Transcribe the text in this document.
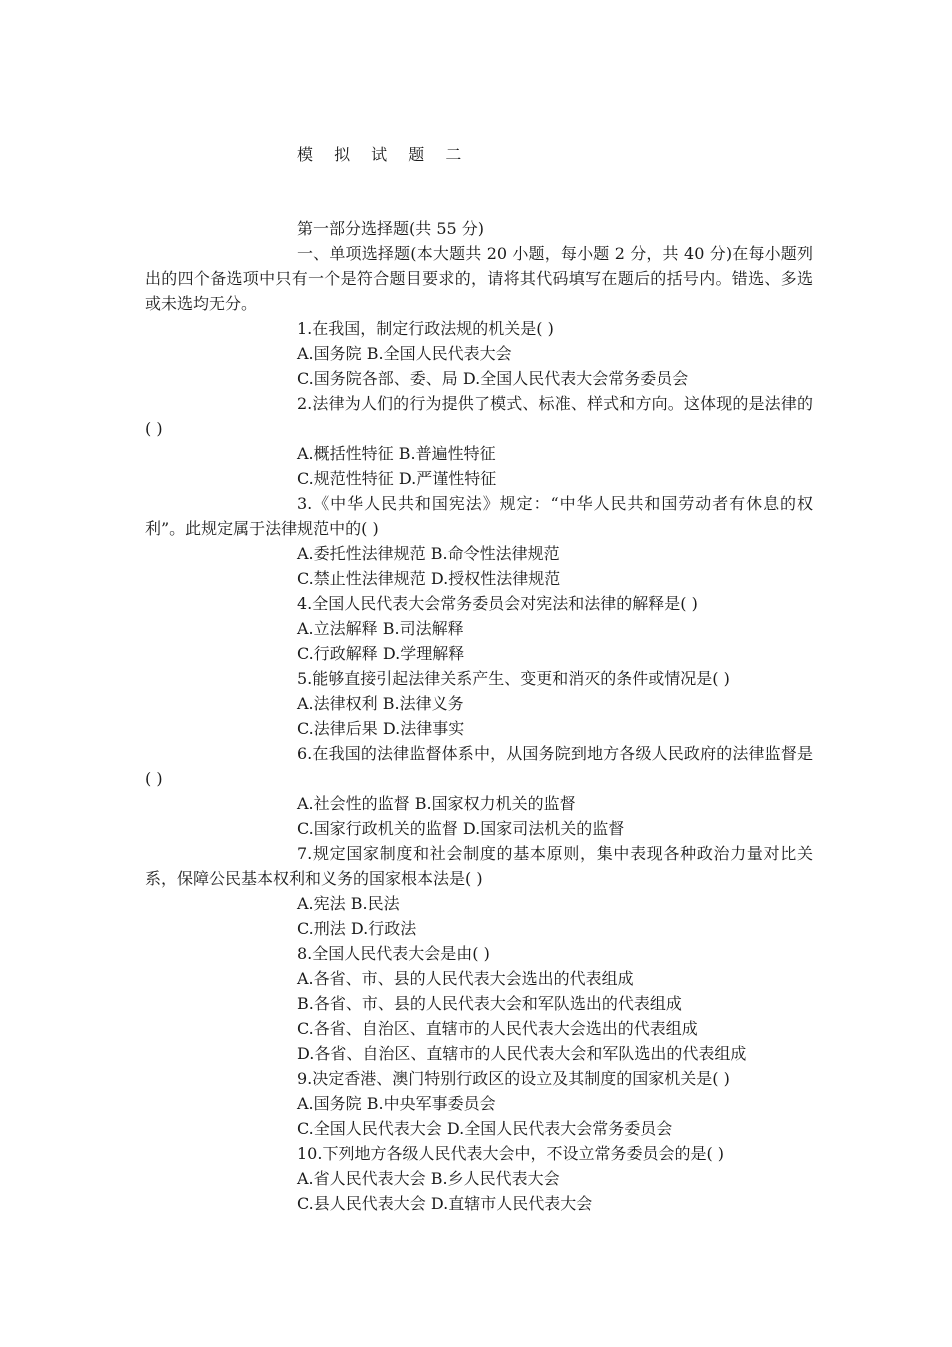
模 拟 试 题 二

第一部分选择题(共 55 分)

一、单项选择题(本大题共 20 小题，每小题 2 分，共 40 分)在每小题列出的四个备选项中只有一个是符合题目要求的，请将其代码填写在题后的括号内。错选、多选或未选均无分。

1.在我国，制定行政法规的机关是( )

A.国务院 B.全国人民代表大会

C.国务院各部、委、局 D.全国人民代表大会常务委员会

2.法律为人们的行为提供了模式、标准、样式和方向。这体现的是法律的( )

A.概括性特征 B.普遍性特征

C.规范性特征 D.严谨性特征

3.《中华人民共和国宪法》规定：“中华人民共和国劳动者有休息的权利”。此规定属于法律规范中的( )

A.委托性法律规范 B.命令性法律规范

C.禁止性法律规范 D.授权性法律规范

4.全国人民代表大会常务委员会对宪法和法律的解释是( )

A.立法解释 B.司法解释

C.行政解释 D.学理解释

5.能够直接引起法律关系产生、变更和消灭的条件或情况是( )

A.法律权利 B.法律义务

C.法律后果 D.法律事实

6.在我国的法律监督体系中，从国务院到地方各级人民政府的法律监督是( )

A.社会性的监督 B.国家权力机关的监督

C.国家行政机关的监督 D.国家司法机关的监督

7.规定国家制度和社会制度的基本原则，集中表现各种政治力量对比关系，保障公民基本权利和义务的国家根本法是( )

A.宪法 B.民法

C.刑法 D.行政法

8.全国人民代表大会是由( )

A.各省、市、县的人民代表大会选出的代表组成

B.各省、市、县的人民代表大会和军队选出的代表组成

C.各省、自治区、直辖市的人民代表大会选出的代表组成

D.各省、自治区、直辖市的人民代表大会和军队选出的代表组成

9.决定香港、澳门特别行政区的设立及其制度的国家机关是( )

A.国务院 B.中央军事委员会

C.全国人民代表大会 D.全国人民代表大会常务委员会

10.下列地方各级人民代表大会中，不设立常务委员会的是( )

A.省人民代表大会 B.乡人民代表大会

C.县人民代表大会 D.直辖市人民代表大会
